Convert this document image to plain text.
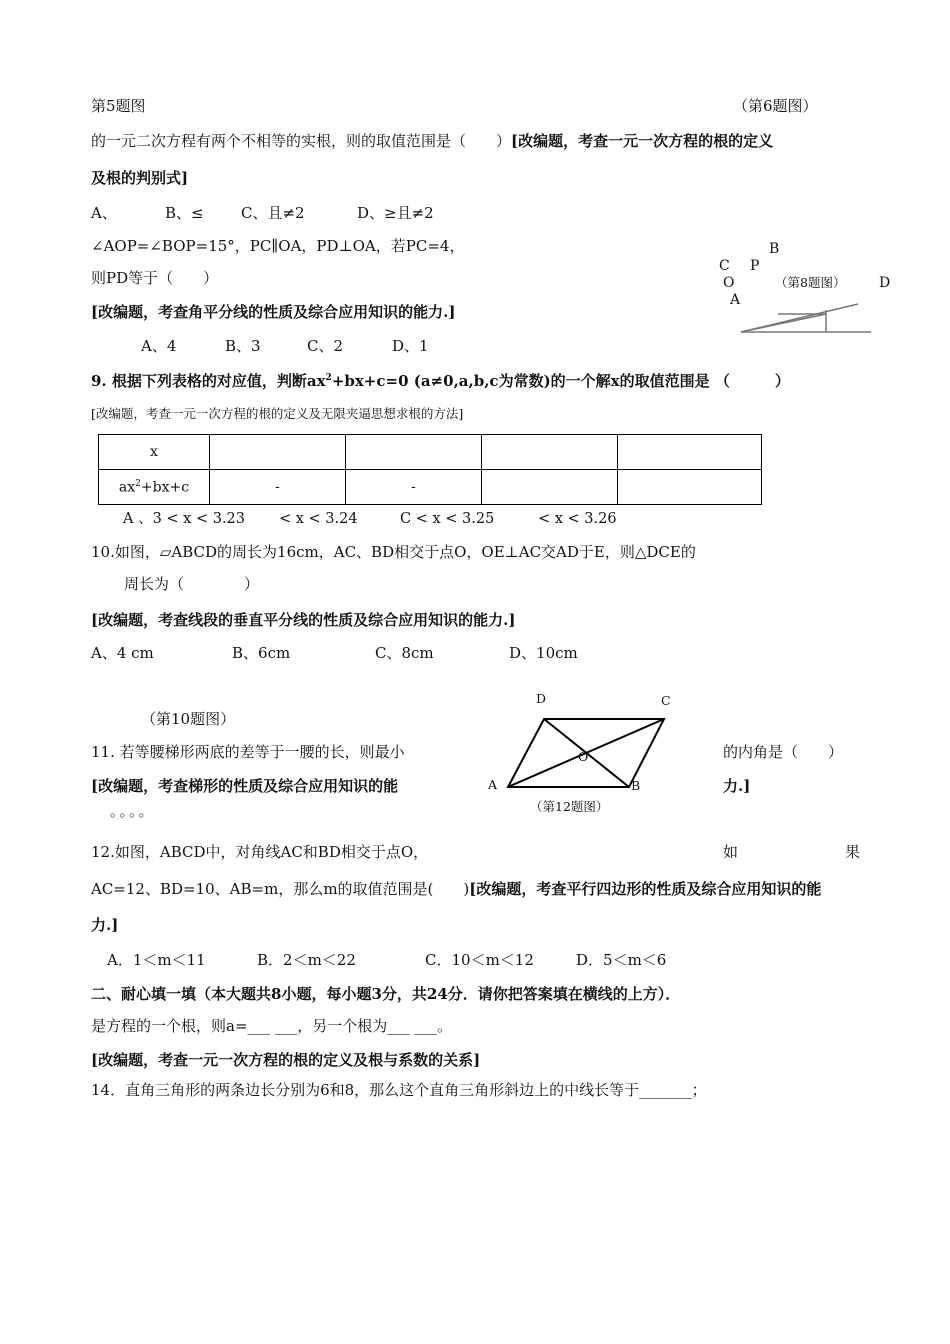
第5题图	（第6题图）
的一元二次方程有两个不相等的实根，则的取值范围是（　　）[改编题，考查一元一次方程的根的定义
及根的判别式]
A、	B、≤ C、且≠2	D、≥且≠2
∠AOP=∠BOP=15°，PC∥OA，PD⊥OA，若PC=4，
则PD等于（　　）
[改编题，考查角平分线的性质及综合应用知识的能力.]
A、4	B、3	C、2	D、1
B
C P
O	（第8题图） D
A
9. 根据下列表格的对应值，判断$ax^2+bx+c=0$ (a≠0,a,b,c为常数)的一个解x的取值范围是 （　　　）
[改编题，考查一元一次方程的根的定义及无限夹逼思想求根的方法]
x				
$ax^2+bx+c$	-	-		
A 、3 < x < 3.23 < x < 3.24	C < x < 3.25	< x < 3.26
10.如图，▱ABCD的周长为16cm，AC、BD相交于点O，OE⊥AC交AD于E，则△DCE的
周长为（　　　　）
[改编题，考查线段的垂直平分线的性质及综合应用知识的能力.]
A、4 cm	B、6cm	C、8cm	D、10cm
（第10题图）
D	C
O
A	B
（第12题图）
11. 若等腰梯形两底的差等于一腰的长，则最小	的内角是（　　）
[改编题，考查梯形的性质及综合应用知识的能	力.]
。。。。
12.如图，ABCD中，对角线AC和BD相交于点O，	如	果
AC=12、BD=10、AB=m，那么m的取值范围是(　　)[改编题，考查平行四边形的性质及综合应用知识的能
力.]
A．1＜m＜11	B．2＜m＜22	C．10＜m＜12	D．5＜m＜6
二、耐心填一填（本大题共8小题，每小题3分，共24分．请你把答案填在横线的上方）．
是方程的一个根，则a=___ ___，另一个根为___ ___。
[改编题，考查一元一次方程的根的定义及根与系数的关系]
14．直角三角形的两条边长分别为6和8，那么这个直角三角形斜边上的中线长等于_______；
